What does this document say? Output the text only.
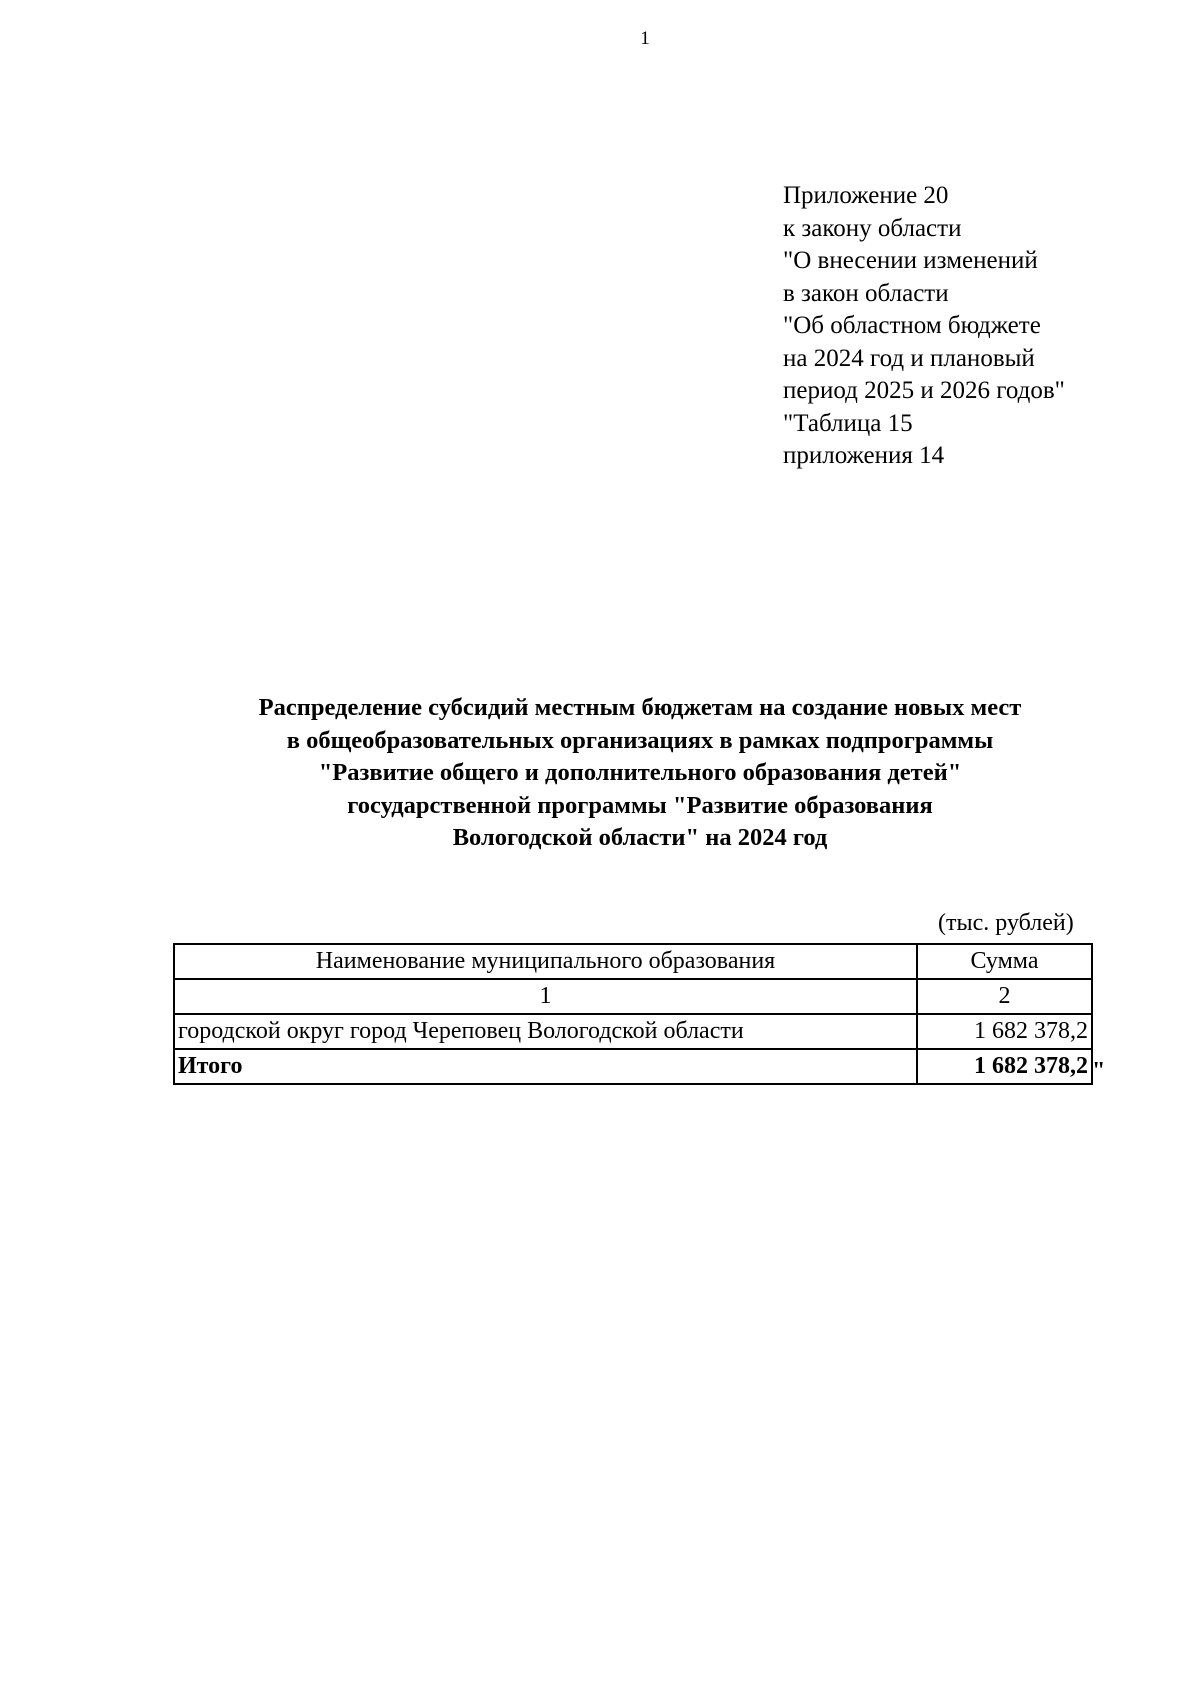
1
Приложение 20
к закону области
"О внесении изменений
в закон области
"Об областном бюджете
на 2024 год и плановый
период 2025 и 2026 годов"
"Таблица 15
приложения 14
Распределение субсидий местным бюджетам на создание новых мест
в общеобразовательных организациях в рамках подпрограммы
"Развитие общего и дополнительного образования детей"
государственной программы "Развитие образования
Вологодской области" на 2024 год
(тыс. рублей)
Наименование муниципального образования	Сумма
1	2
городской округ город Череповец Вологодской области	1 682 378,2
Итого	1 682 378,2 "
